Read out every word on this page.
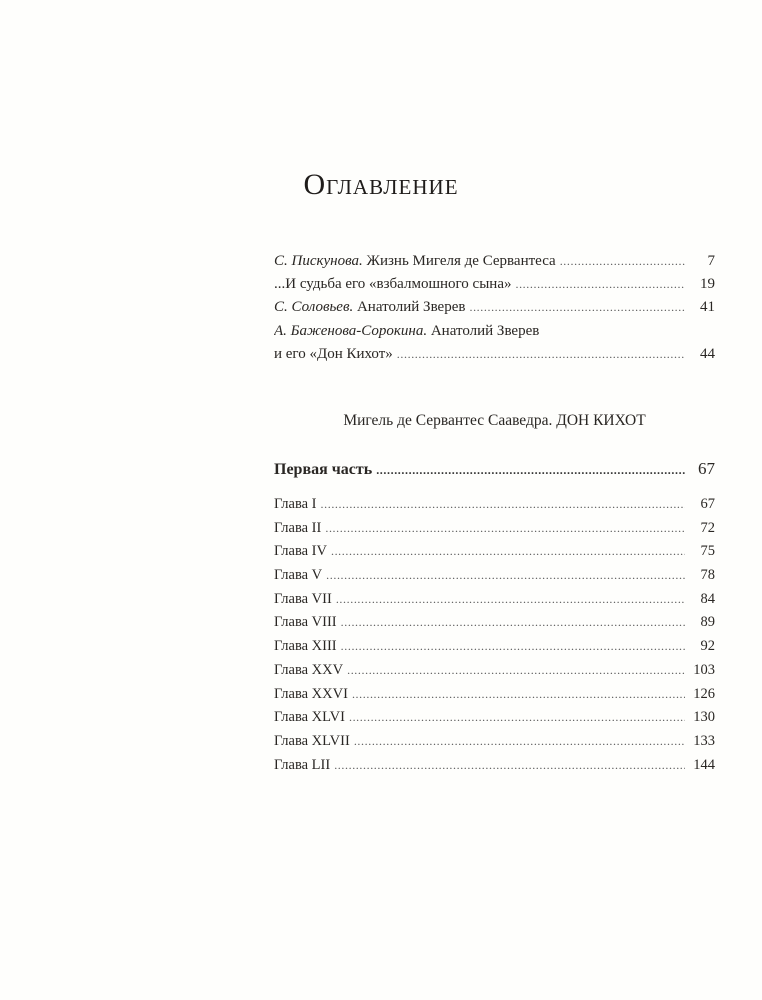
Оглавление
С. Пискунова. Жизнь Мигеля де Сервантеса . . .	7
...И судьба его «взбалмошного сына» . . .	19
С. Соловьев. Анатолий Зверев . . .	41
А. Баженова-Сорокина. Анатолий Зверев
и его «Дон Кихот» . . .	44
Мигель де Сервантес Сааведра. ДОН КИХОТ
Первая часть . . .	67
Глава I . . .	67
Глава II . . .	72
Глава IV . . .	75
Глава V . . .	78
Глава VII . . .	84
Глава VIII . . .	89
Глава XIII . . .	92
Глава XXV . . .	103
Глава XXVI . . .	126
Глава XLVI . . .	130
Глава XLVII . . .	133
Глава LII . . .	144
